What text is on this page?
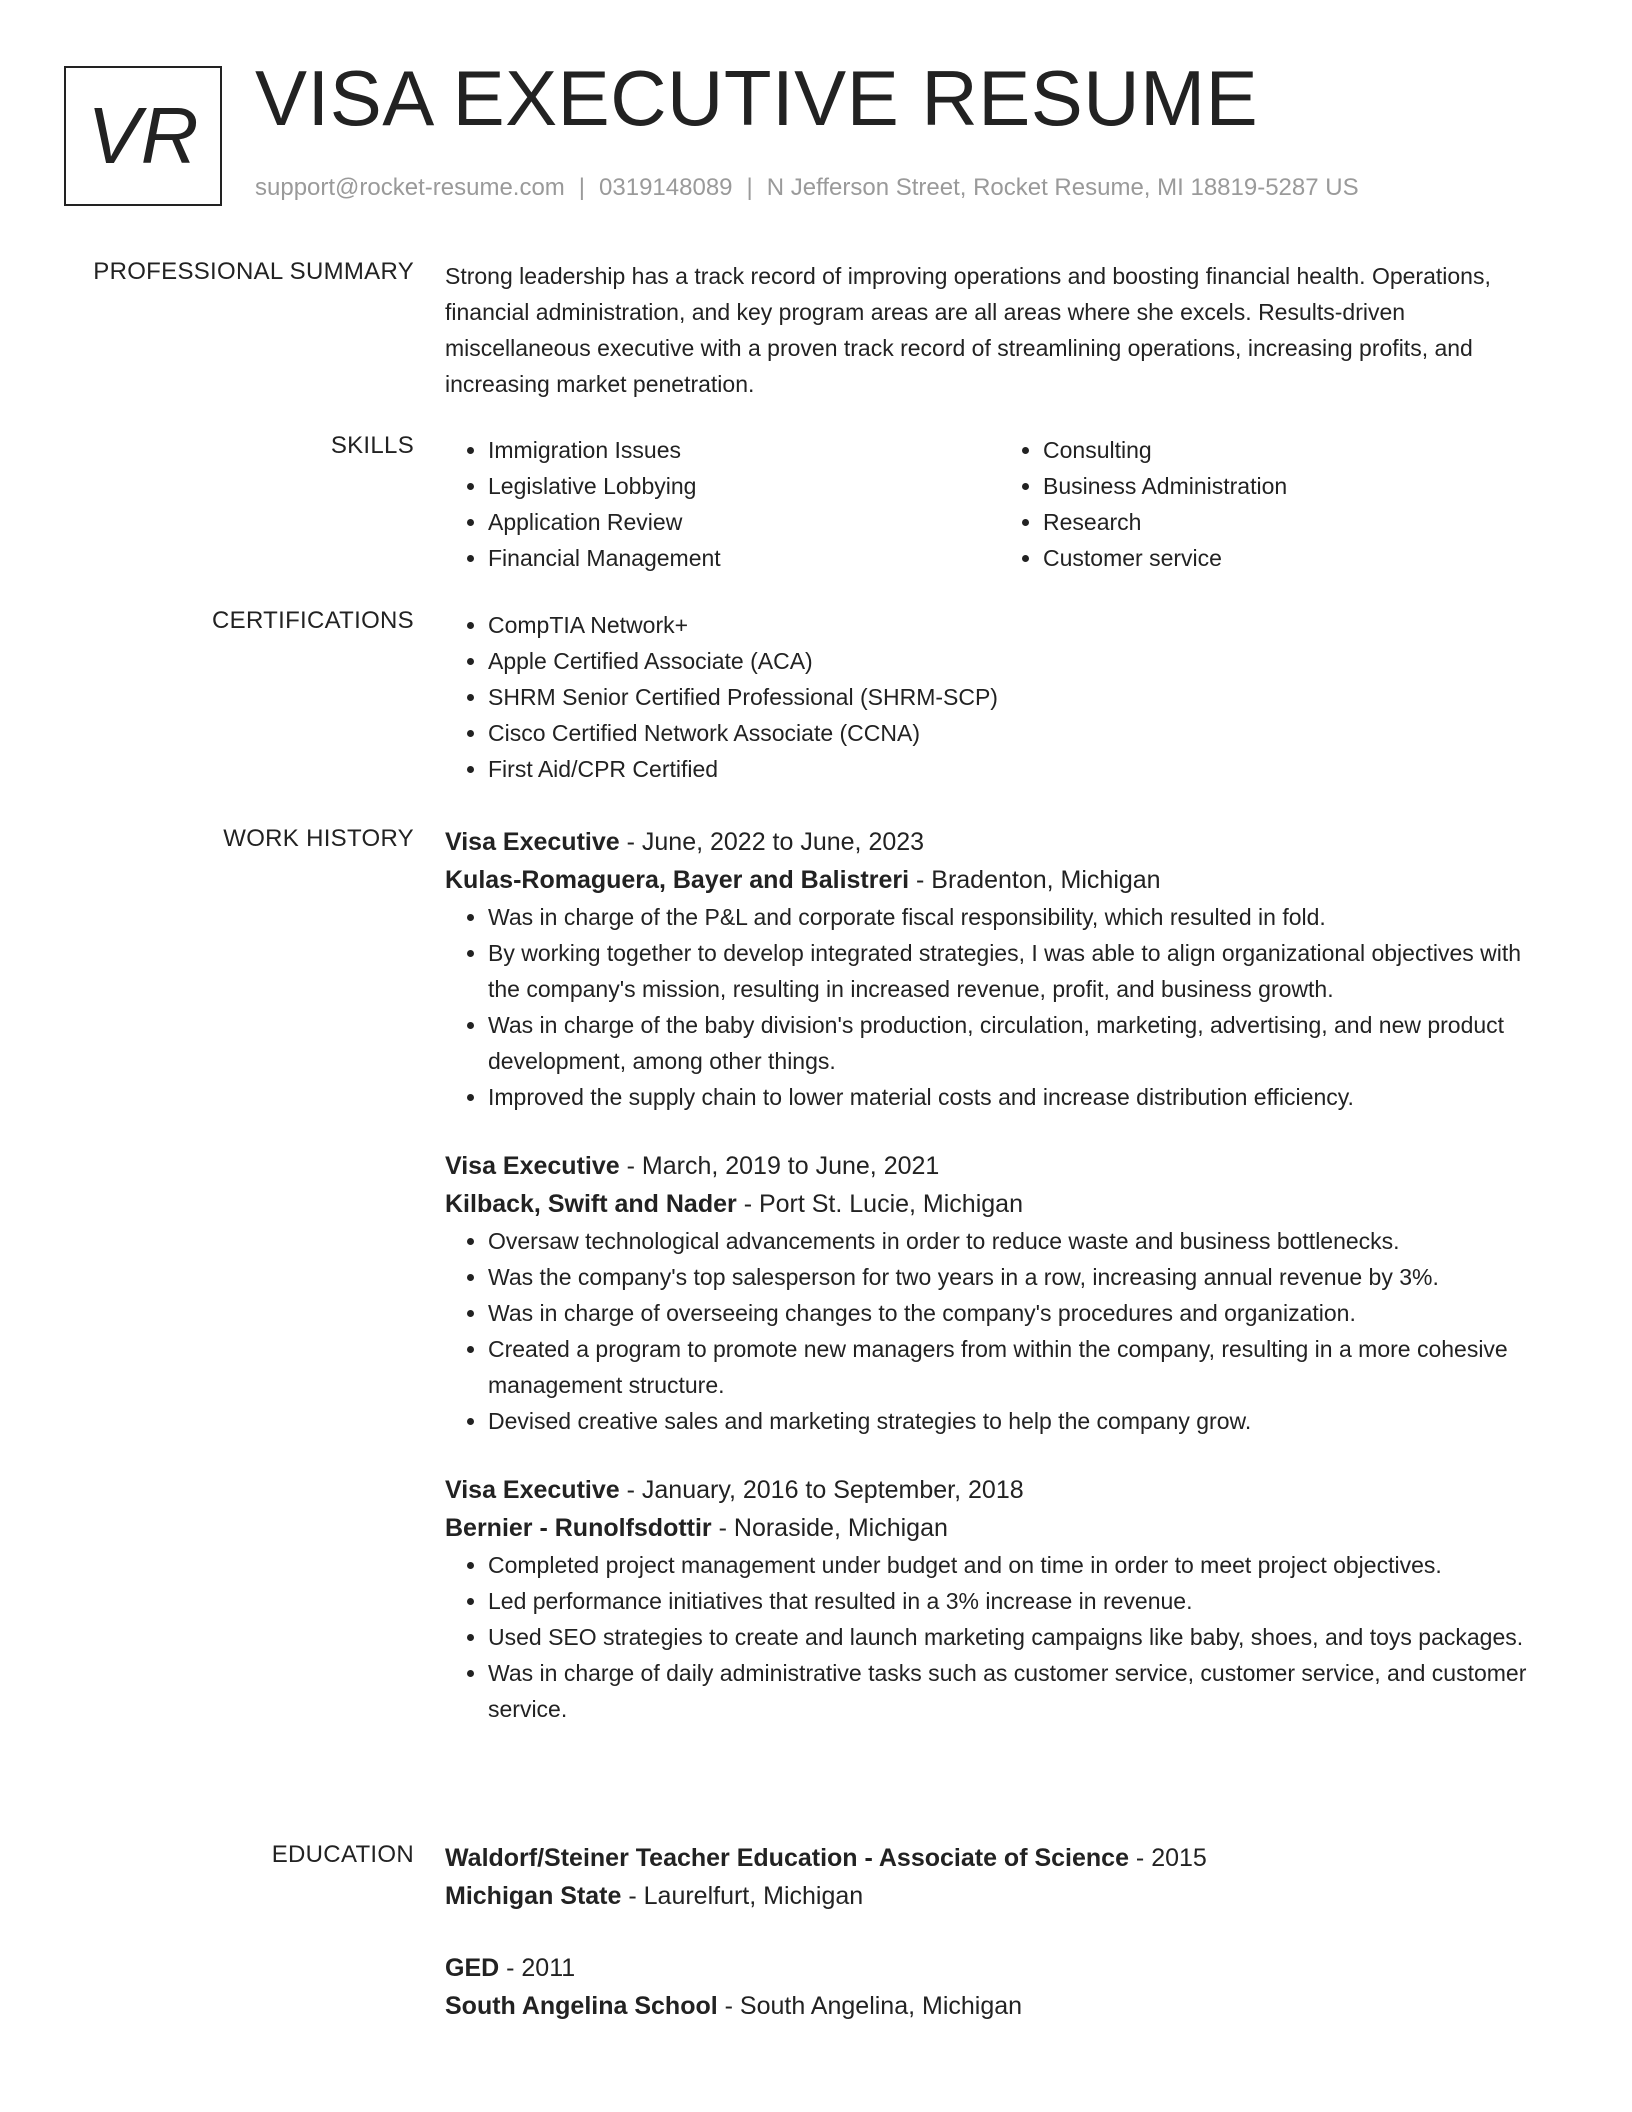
VR VISA EXECUTIVE RESUME
support@rocket-resume.com | 0319148089 | N Jefferson Street, Rocket Resume, MI 18819-5287 US
PROFESSIONAL SUMMARY Strong leadership has a track record of improving operations and boosting financial health. Operations, financial administration, and key program areas are all areas where she excels. Results-driven miscellaneous executive with a proven track record of streamlining operations, increasing profits, and increasing market penetration.

SKILLS	• Immigration Issues
• Legislative Lobbying
• Application Review
• Financial Management
• Consulting
• Business Administration
• Research
• Customer service
CERTIFICATIONS	• CompTIA Network+
• Apple Certified Associate (ACA)
• SHRM Senior Certified Professional (SHRM-SCP)
• Cisco Certified Network Associate (CCNA)
• First Aid/CPR Certified
WORK HISTORY Visa Executive - June, 2022 to June, 2023
Kulas-Romaguera, Bayer and Balistreri - Bradenton, Michigan
• Was in charge of the P&L and corporate fiscal responsibility, which resulted in fold.
• By working together to develop integrated strategies, I was able to align organizational objectives with the company's mission, resulting in increased revenue, profit, and business growth.
• Was in charge of the baby division's production, circulation, marketing, advertising, and new product development, among other things.
• Improved the supply chain to lower material costs and increase distribution efficiency.
Visa Executive - March, 2019 to June, 2021
Kilback, Swift and Nader - Port St. Lucie, Michigan
• Oversaw technological advancements in order to reduce waste and business bottlenecks.
• Was the company's top salesperson for two years in a row, increasing annual revenue by 3%.
• Was in charge of overseeing changes to the company's procedures and organization.
• Created a program to promote new managers from within the company, resulting in a more cohesive management structure.
• Devised creative sales and marketing strategies to help the company grow.
Visa Executive - January, 2016 to September, 2018
Bernier - Runolfsdottir - Noraside, Michigan
• Completed project management under budget and on time in order to meet project objectives.
• Led performance initiatives that resulted in a 3% increase in revenue.
• Used SEO strategies to create and launch marketing campaigns like baby, shoes, and toys packages.
• Was in charge of daily administrative tasks such as customer service, customer service, and customer service.
EDUCATION Waldorf/Steiner Teacher Education - Associate of Science - 2015
Michigan State - Laurelfurt, Michigan
GED - 2011
South Angelina School - South Angelina, Michigan
